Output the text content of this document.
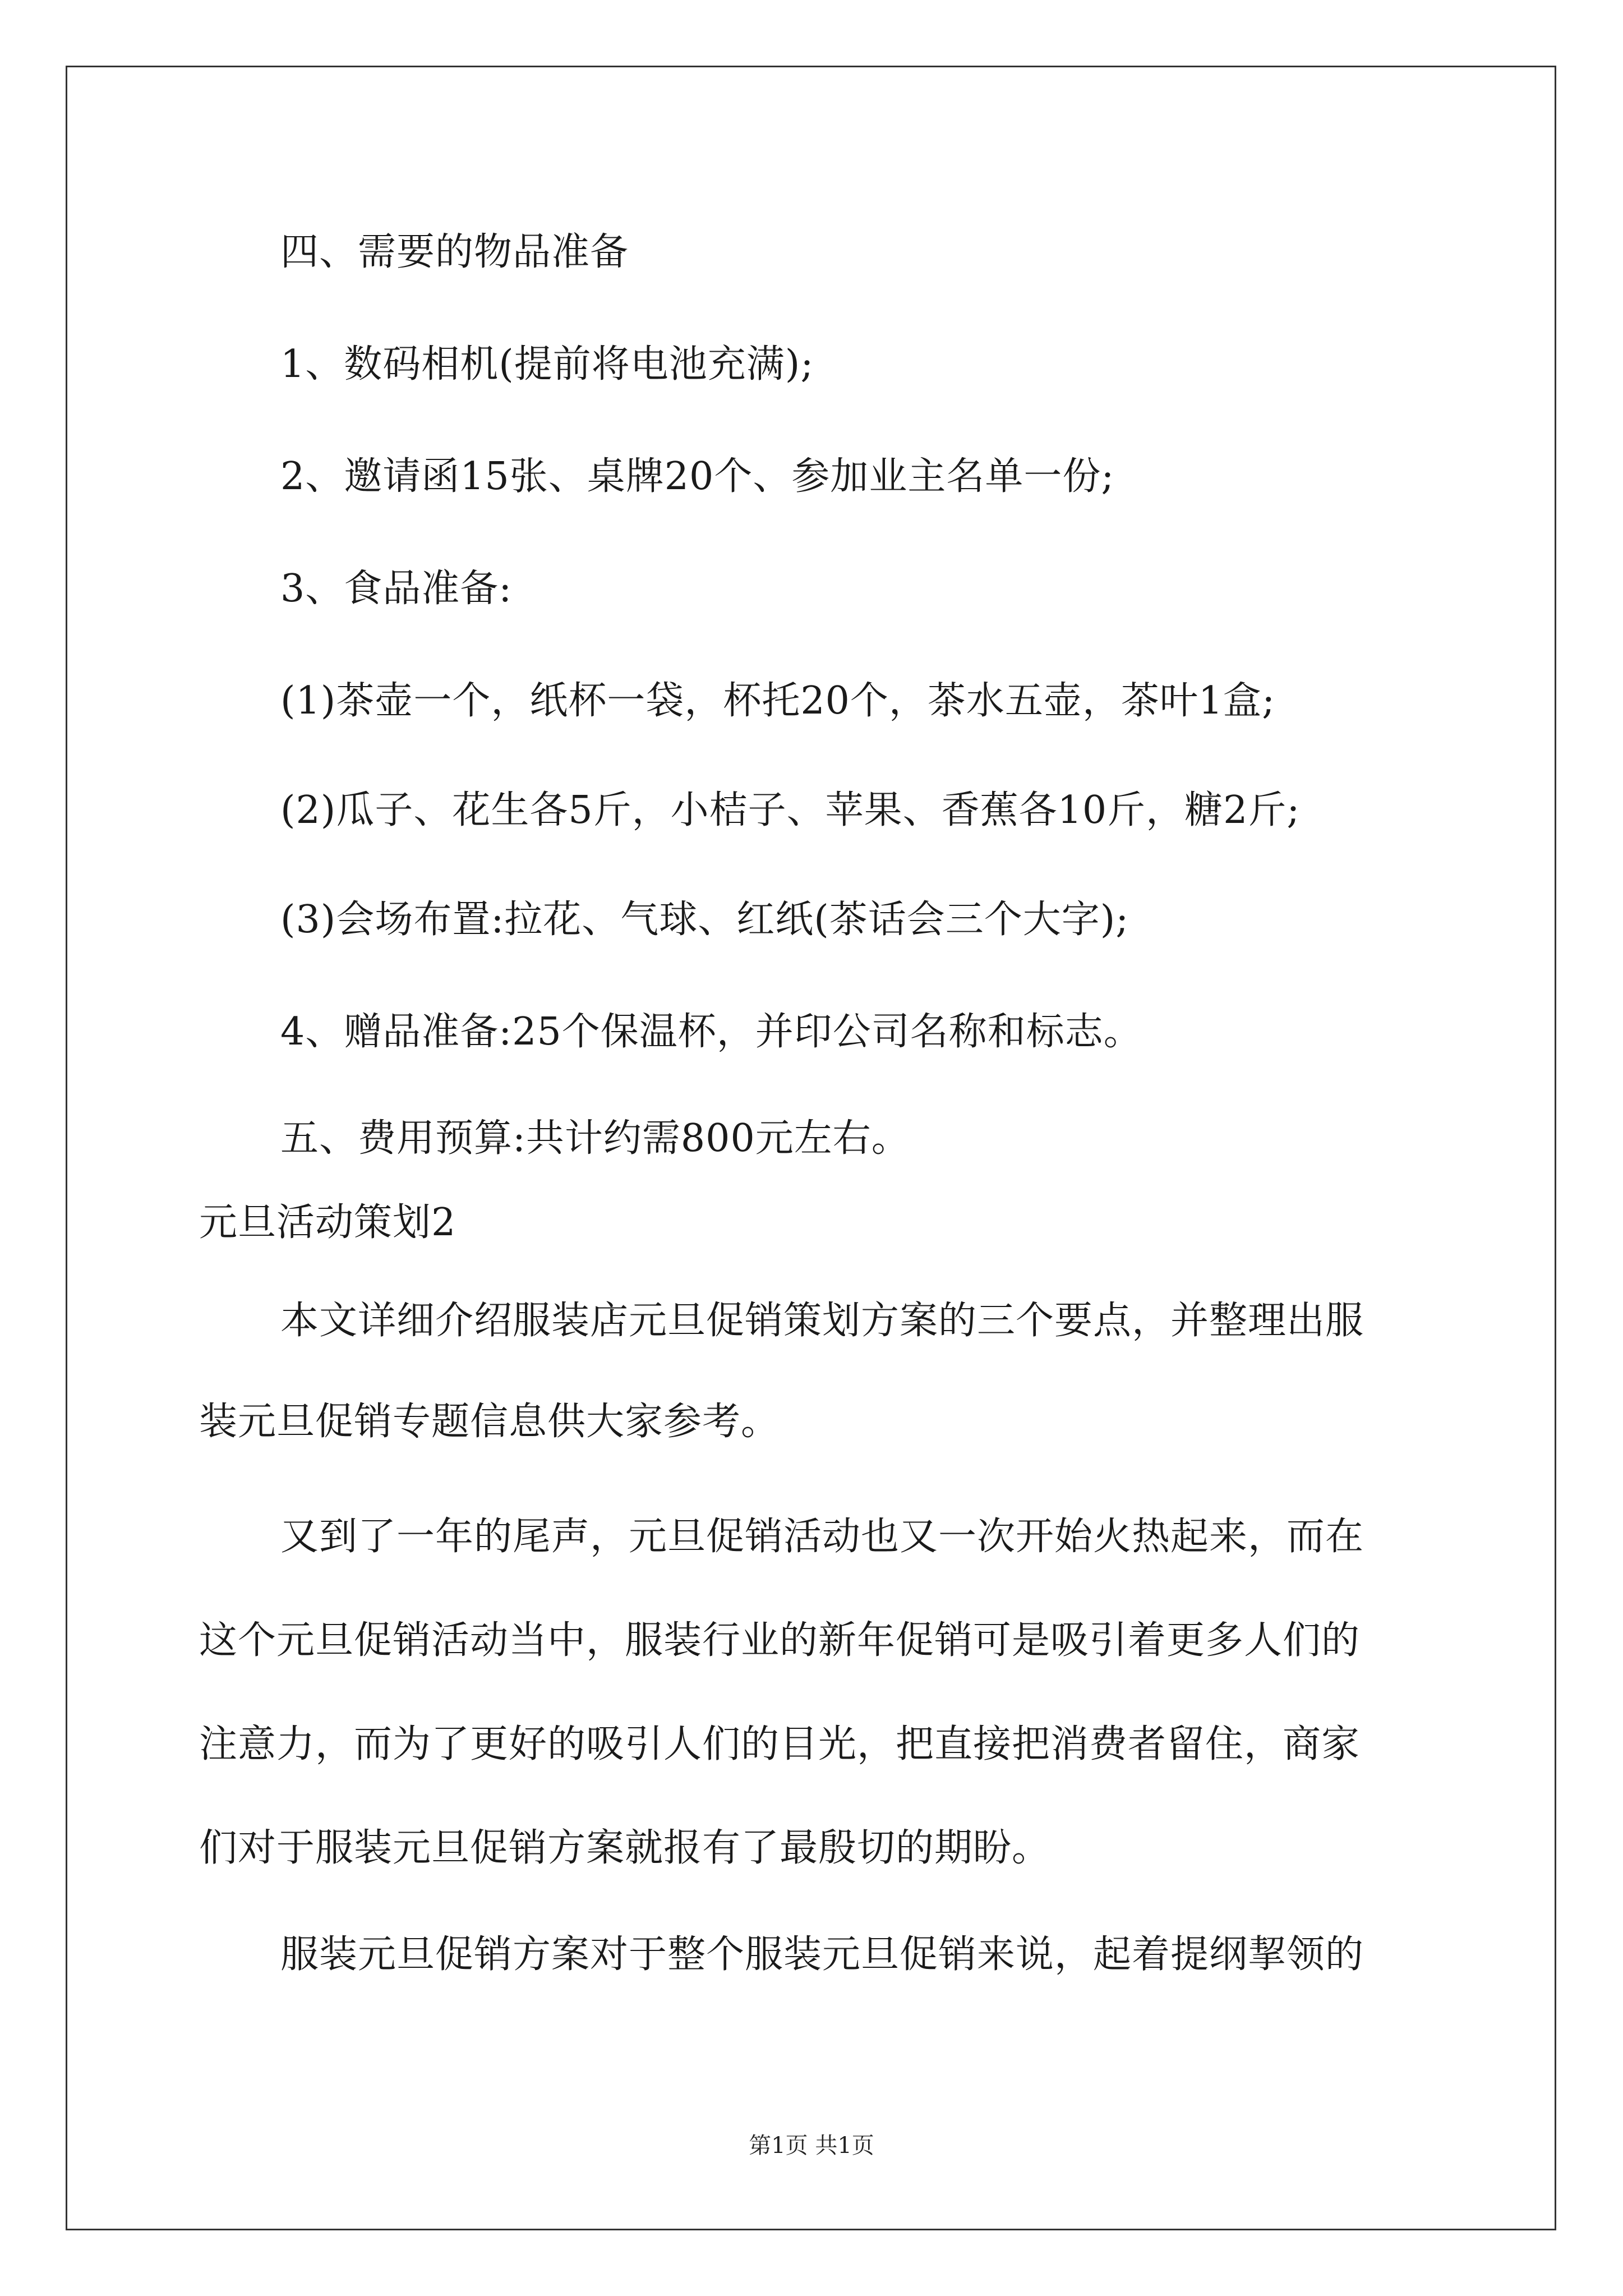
四、需要的物品准备
1、数码相机(提前将电池充满);
2、邀请函15张、桌牌20个、参加业主名单一份;
3、食品准备:
(1)茶壶一个，纸杯一袋，杯托20个，茶水五壶，茶叶1盒;
(2)瓜子、花生各5斤，小桔子、苹果、香蕉各10斤，糖2斤;
(3)会场布置:拉花、气球、红纸(茶话会三个大字);
4、赠品准备:25个保温杯，并印公司名称和标志。
五、费用预算:共计约需800元左右。
元旦活动策划2
本文详细介绍服装店元旦促销策划方案的三个要点，并整理出服
装元旦促销专题信息供大家参考。
又到了一年的尾声，元旦促销活动也又一次开始火热起来，而在
这个元旦促销活动当中，服装行业的新年促销可是吸引着更多人们的
注意力，而为了更好的吸引人们的目光，把直接把消费者留住，商家
们对于服装元旦促销方案就报有了最殷切的期盼。
服装元旦促销方案对于整个服装元旦促销来说，起着提纲挈领的
第1页 共1页
